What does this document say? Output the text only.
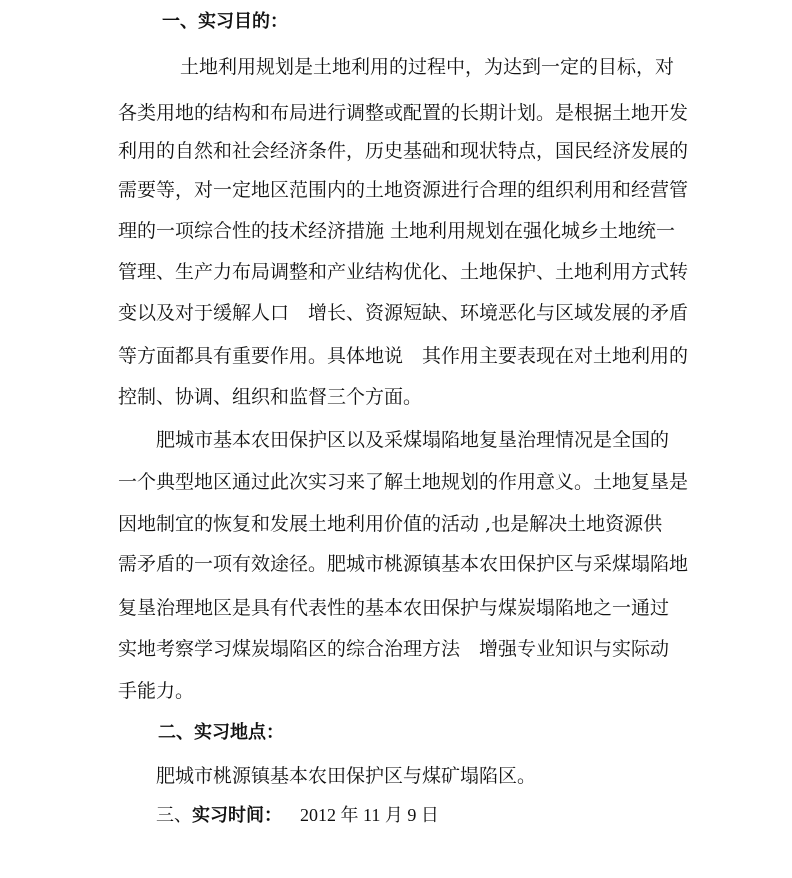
一、实习目的：
土地利用规划是土地利用的过程中，为达到一定的目标，对
各类用地的结构和布局进行调整或配置的长期计划。是根据土地开发
利用的自然和社会经济条件，历史基础和现状特点，国民经济发展的
需要等，对一定地区范围内的土地资源进行合理的组织利用和经营管
理的一项综合性的技术经济措施 土地利用规划在强化城乡土地统一
管理、生产力布局调整和产业结构优化、土地保护、土地利用方式转
变以及对于缓解人口　增长、资源短缺、环境恶化与区域发展的矛盾
等方面都具有重要作用。具体地说　其作用主要表现在对土地利用的
控制、协调、组织和监督三个方面。
肥城市基本农田保护区以及采煤塌陷地复垦治理情况是全国的
一个典型地区通过此次实习来了解土地规划的作用意义。土地复垦是
因地制宜的恢复和发展土地利用价值的活动 ,也是解决土地资源供
需矛盾的一项有效途径。肥城市桃源镇基本农田保护区与采煤塌陷地
复垦治理地区是具有代表性的基本农田保护与煤炭塌陷地之一通过
实地考察学习煤炭塌陷区的综合治理方法　增强专业知识与实际动
手能力。
二、实习地点：
肥城市桃源镇基本农田保护区与煤矿塌陷区。
三、实习时间： 2012 年 11 月 9 日
